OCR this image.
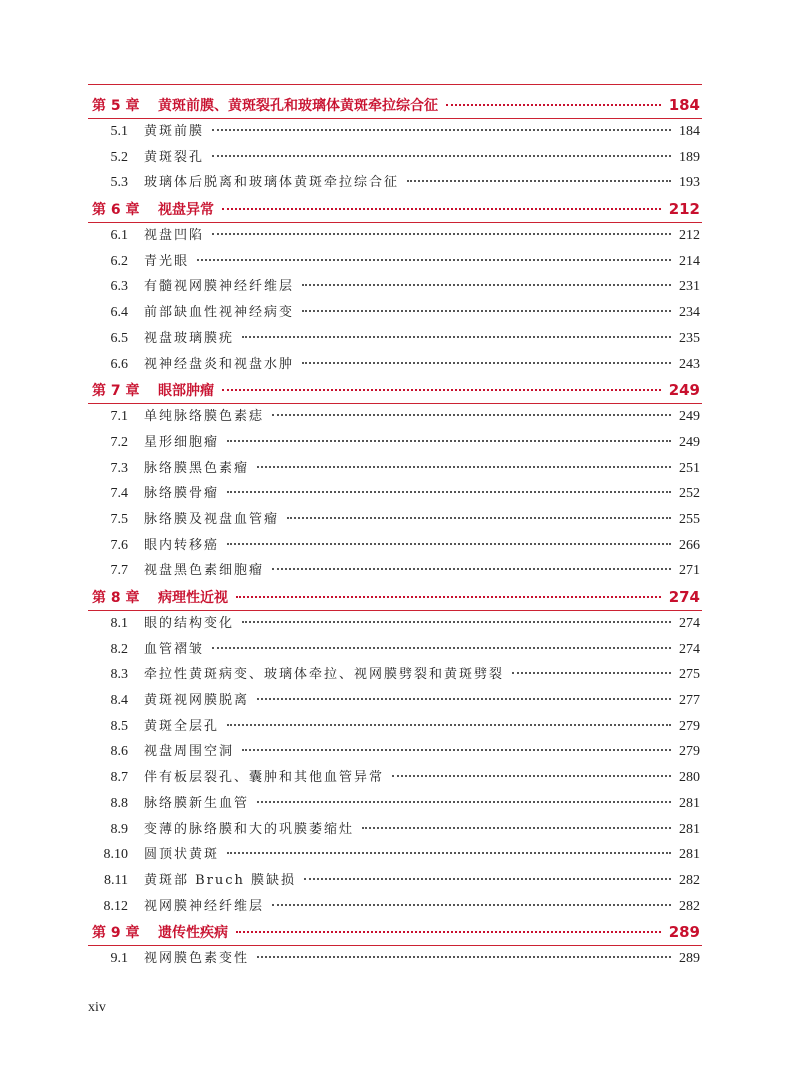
第 5 章	黄斑前膜、黄斑裂孔和玻璃体黄斑牵拉综合征	184
5.1 黄斑前膜	184
5.2 黄斑裂孔	189
5.3 玻璃体后脱离和玻璃体黄斑牵拉综合征	193
第 6 章	视盘异常	212
6.1 视盘凹陷	212
6.2 青光眼	214
6.3 有髓视网膜神经纤维层	231
6.4 前部缺血性视神经病变	234
6.5 视盘玻璃膜疣	235
6.6 视神经盘炎和视盘水肿	243
第 7 章	眼部肿瘤	249
7.1 单纯脉络膜色素痣	249
7.2 星形细胞瘤	249
7.3 脉络膜黑色素瘤	251
7.4 脉络膜骨瘤	252
7.5 脉络膜及视盘血管瘤	255
7.6 眼内转移癌	266
7.7 视盘黑色素细胞瘤	271
第 8 章	病理性近视	274
8.1 眼的结构变化	274
8.2 血管褶皱	274
8.3 牵拉性黄斑病变、玻璃体牵拉、视网膜劈裂和黄斑劈裂	275
8.4 黄斑视网膜脱离	277
8.5 黄斑全层孔	279
8.6 视盘周围空洞	279
8.7 伴有板层裂孔、囊肿和其他血管异常	280
8.8 脉络膜新生血管	281
8.9 变薄的脉络膜和大的巩膜萎缩灶	281
8.10 圆顶状黄斑	281
8.11 黄斑部 Bruch 膜缺损	282
8.12 视网膜神经纤维层	282
第 9 章	遗传性疾病	289
9.1 视网膜色素变性	289
xiv
